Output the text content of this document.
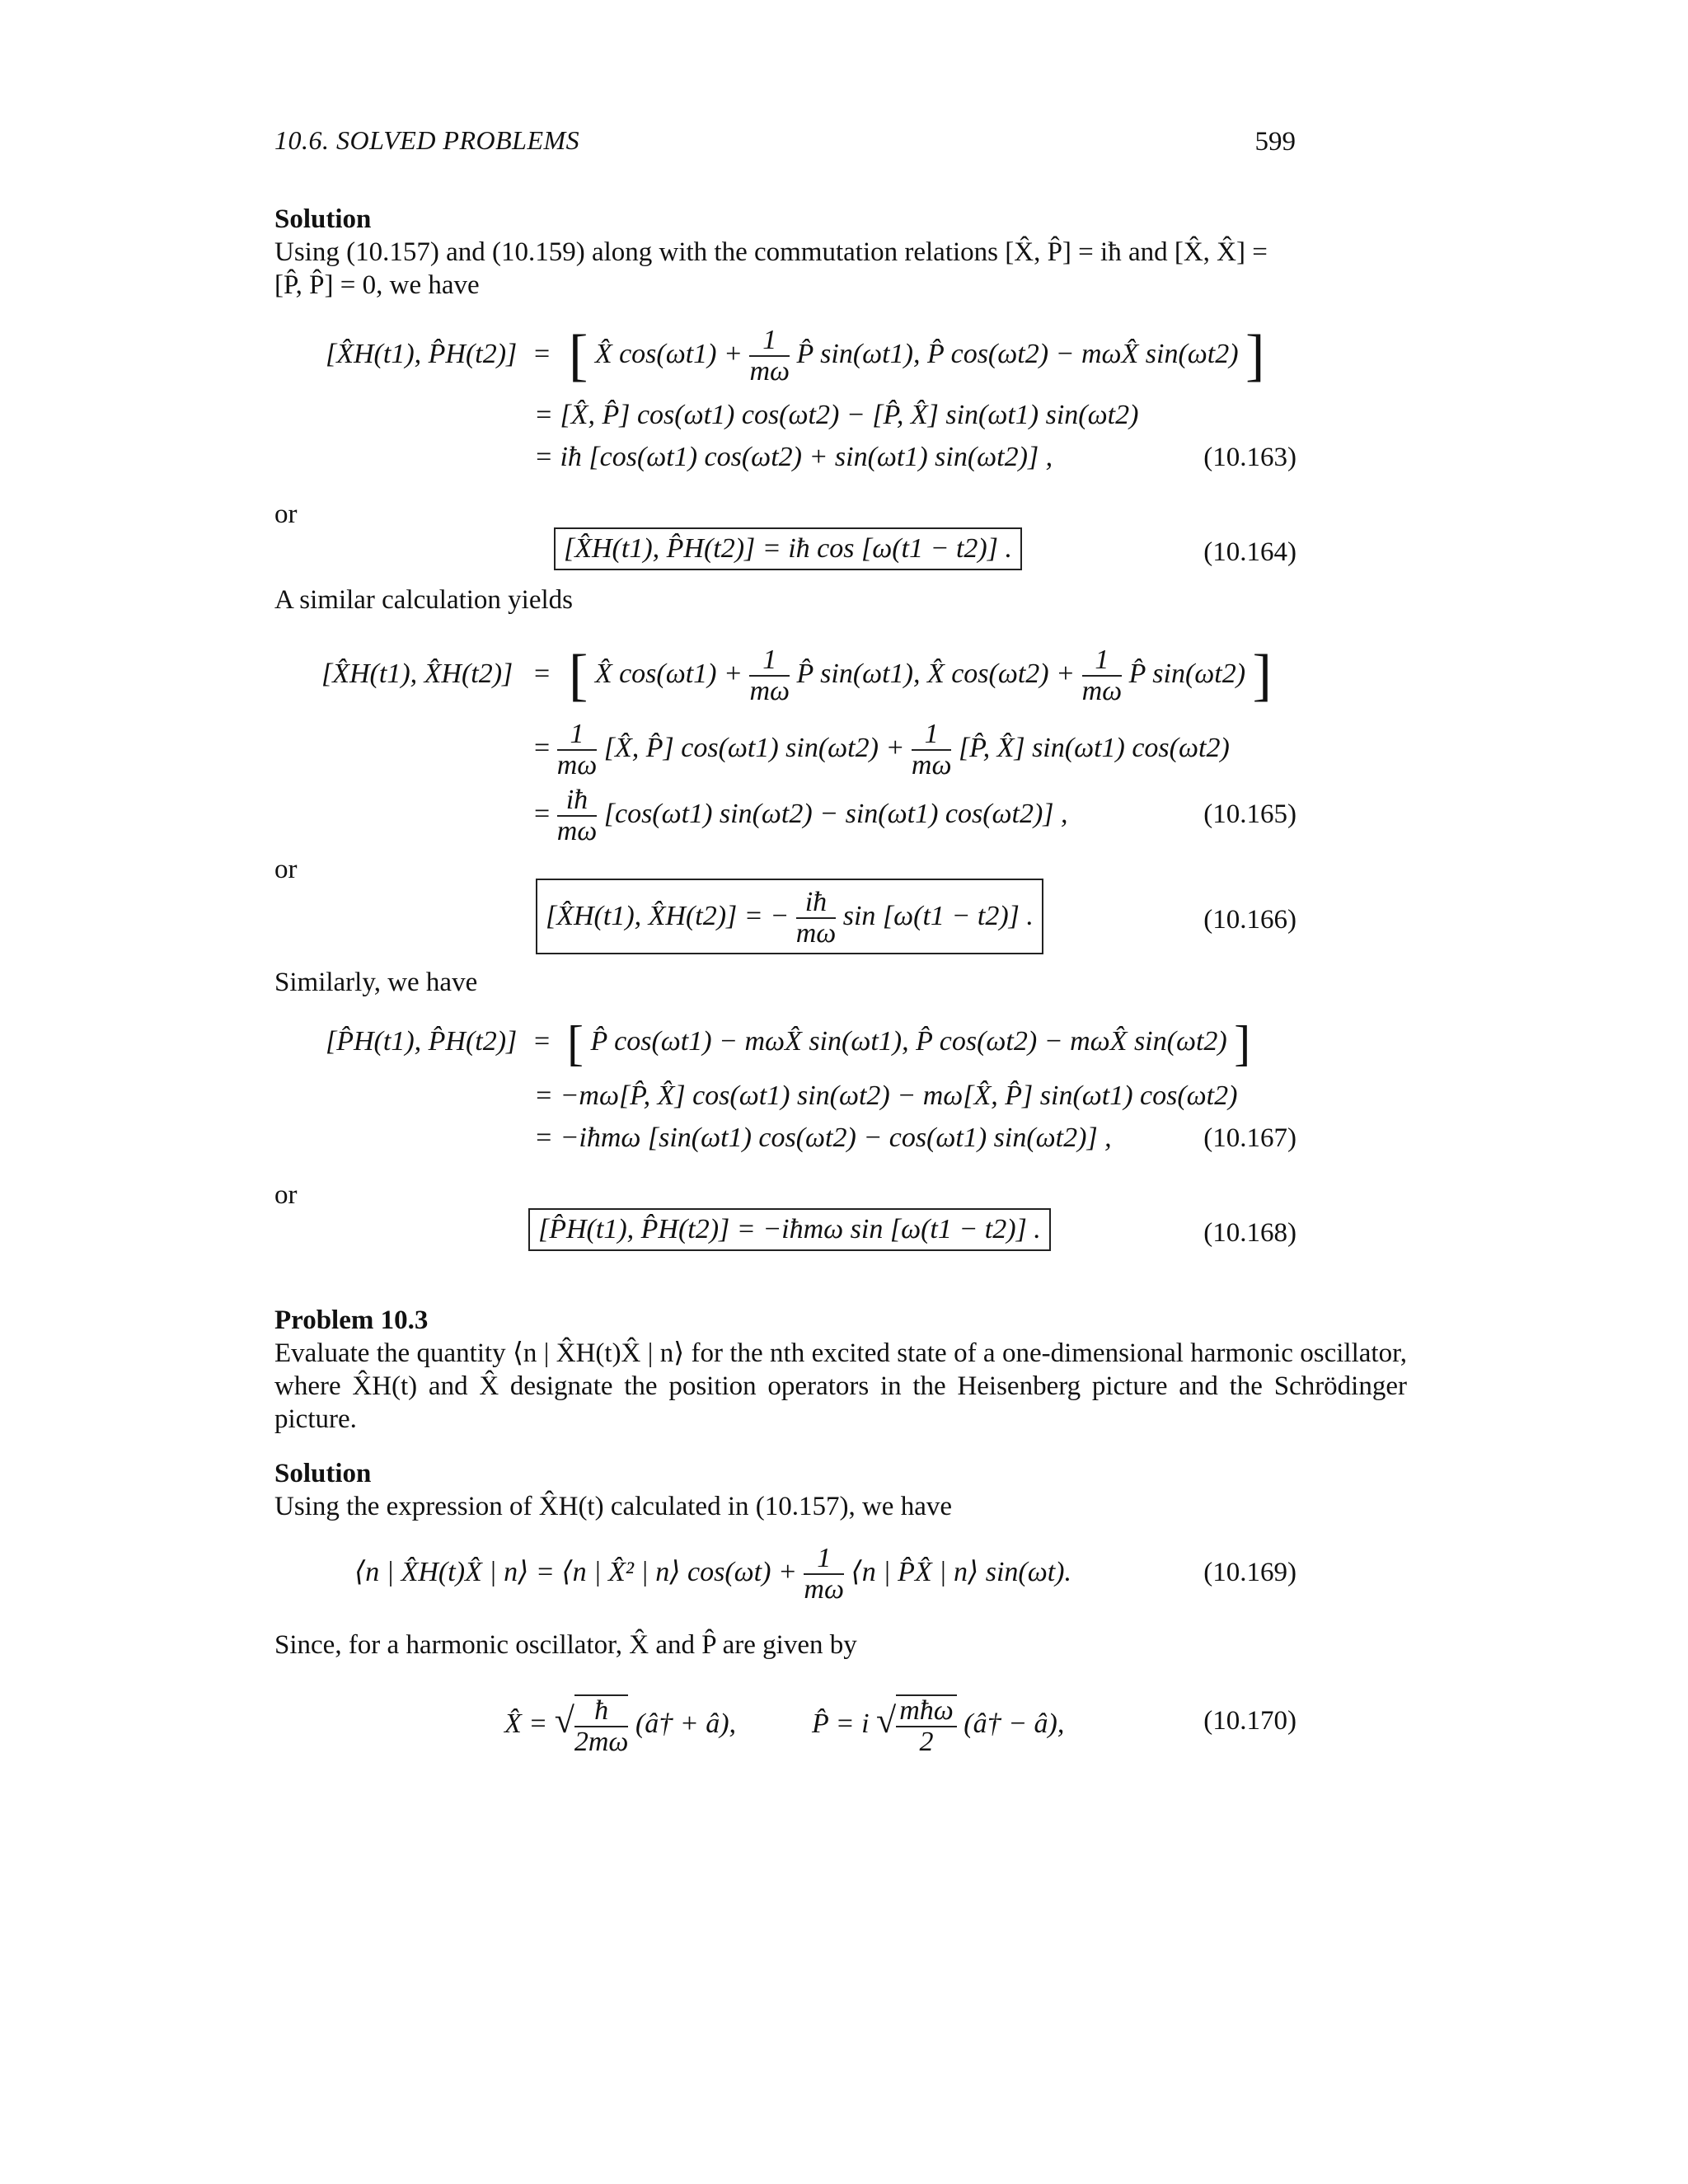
10.6. SOLVED PROBLEMS	599
Solution
Using (10.157) and (10.159) along with the commutation relations [X̂, P̂] = iħ and [X̂, X̂] =
[P̂, P̂] = 0, we have
[X̂H(t1), P̂H(t2)] = [ X̂ $\cos(\omega t1) + \frac{1}{m\omega}$ P̂ sin(ωt1), P̂ cos(ωt2) − mωX̂ sin(ωt2) ]
= [X̂, P̂] cos(ωt1) cos(ωt2) − [P̂, X̂] sin(ωt1) sin(ωt2)
= iħ [cos(ωt1) cos(ωt2) + sin(ωt1) sin(ωt2)] ,	(10.163)
or
[X̂H(t1), P̂H(t2)] = iħ cos [ω(t1 − t2)] .	(10.164)
A similar calculation yields
[X̂H(t1), X̂H(t2)] = [ X̂ $\cos(\omega t1) + \frac{1}{m\omega}$ P̂ sin(ωt1), X̂ $\cos(\omega t2) + \frac{1}{m\omega}$ P̂ sin(ωt2) ]
= $\frac{1}{m\omega}$ [X̂, P̂] cos(ωt1) $\sin(\omega t2) + \frac{1}{m\omega}$ [P̂, X̂] sin(ωt1) cos(ωt2)
= $\frac{iħ}{m\omega} [\cos(\omega t1) \sin(\omega t2) - \sin(\omega t1)$ cos(ωt2)] ,	(10.165)
or
[X̂H(t1), X̂H(t2)] = − $\frac{iħ}{m\omega}$ sin [ω(t1 − t2)] .	(10.166)
Similarly, we have
[P̂H(t1), P̂H(t2)] = [ P̂ cos(ωt1) − mωX̂ sin(ωt1), P̂ cos(ωt2) − mωX̂ sin(ωt2) ]
= −mω[P̂, X̂] cos(ωt1) sin(ωt2) − mω[X̂, P̂] sin(ωt1) cos(ωt2)
= −iħmω [sin(ωt1) cos(ωt2) − cos(ωt1) sin(ωt2)] ,	(10.167)
or
[P̂H(t1), P̂H(t2)] = −iħmω sin [ω(t1 − t2)] .	(10.168)
Problem 10.3
Evaluate the quantity ⟨n | X̂H(t)X̂ | n⟩ for the nth excited state of a one-dimensional harmonic oscillator, where X̂H(t) and X̂ designate the position operators in the Heisenberg picture and the Schrödinger picture.
Solution
Using the expression of X̂H(t) calculated in (10.157), we have
⟨n | X̂H(t)X̂ | n⟩ = ⟨n | X̂² | n⟩ $\cos(\omega t) + \frac{1}{m\omega}$ ⟨n | P̂X̂ | n⟩ sin(ωt).	(10.169)
Since, for a harmonic oscillator, X̂ and P̂ are given by
X̂ = √ $\frac{ħ}{2m\omega}$ (â† + â),	P̂ = i √ $\frac{\text{mħω}}{2}$ (â† − â),	(10.170)
